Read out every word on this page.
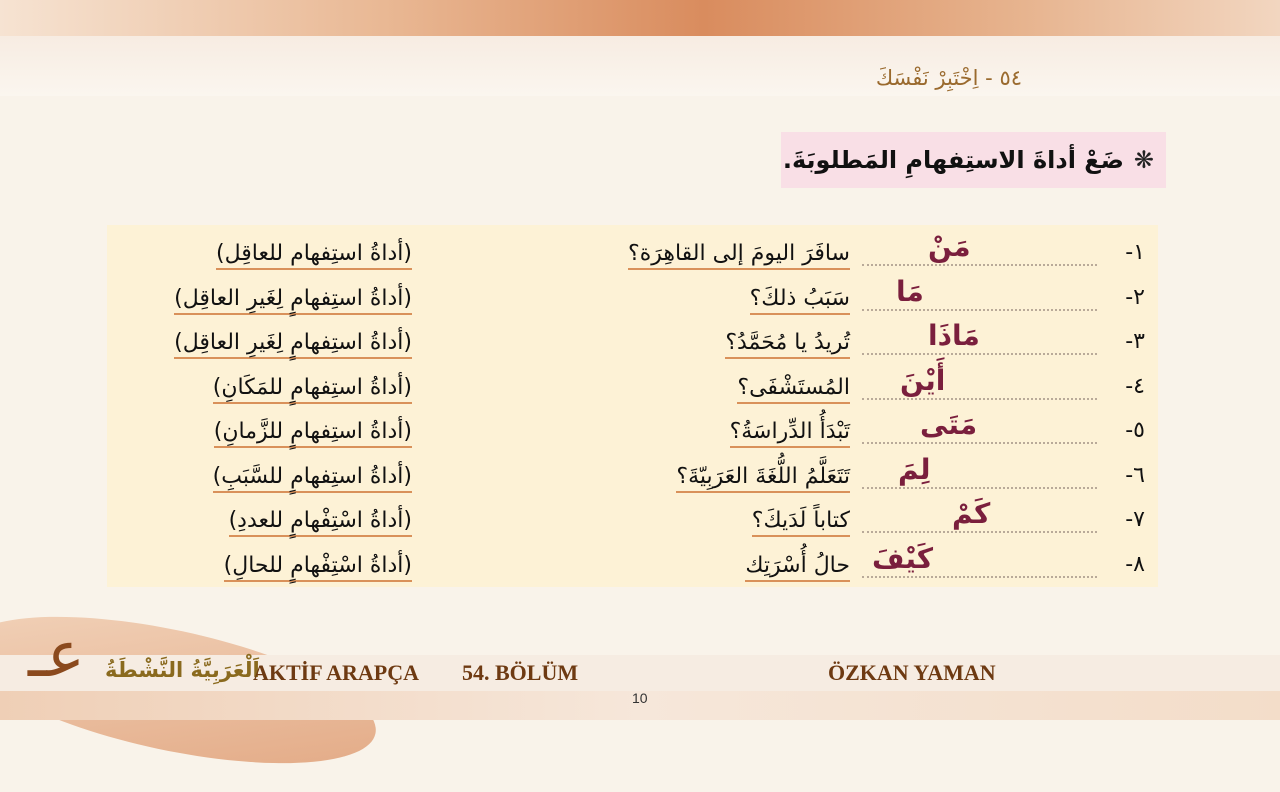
٥٤ - اِخْتَبِرْ نَفْسَكَ
❋
ضَعْ أداةَ الاستِفهامِ المَطلوبَةَ.
١-
مَنْ
سافَرَ اليومَ إلى القاهِرَة؟
(أداةُ استِفهام للعاقِل)
٢-
مَا
سَبَبُ ذلكَ؟
(أداةُ استِفهامٍ لِغَيرِ العاقِل)
٣-
مَاذَا
تُريدُ يا مُحَمَّدُ؟
(أداةُ استِفهامٍ لِغَيرِ العاقِل)
٤-
أَيْنَ
المُستَشْفَى؟
(أداةُ استِفهامٍ للمَكَانِ)
٥-
مَتَى
تَبْدَأُ الدِّراسَةُ؟
(أداةُ استِفهامٍ للزَّمانِ)
٦-
لِمَ
تَتَعَلَّمُ اللُّغَةَ العَرَبِيّةَ؟
(أداةُ استِفهامٍ للسَّبَبِ)
٧-
كَمْ
كتاباً لَدَيكَ؟
(أداةُ اسْتِفْهامٍ للعددِ)
٨-
كَيْفَ
حالُ أُسْرَتِك
(أداةُ اسْتِفْهامٍ للحالِ)
عـ اَلْعَرَبِيَّةُ النَّشْطَةُ
AKTİF ARAPÇA 54. BÖLÜM	ÖZKAN YAMAN
10
